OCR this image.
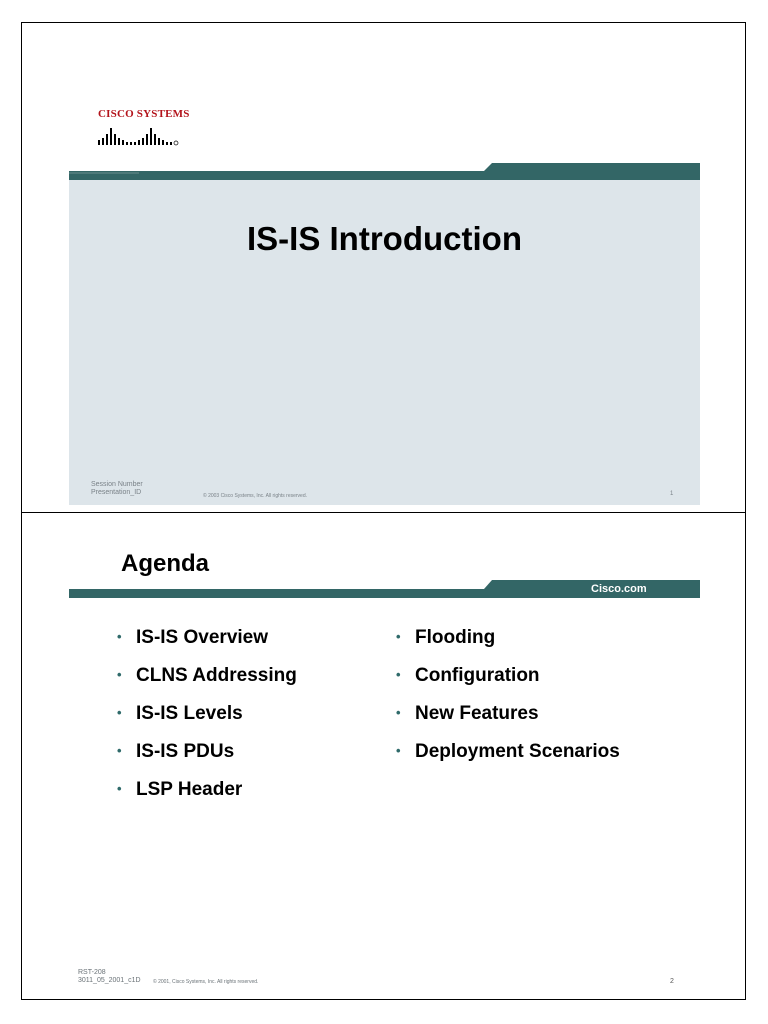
CISCO SYSTEMS
IS-IS Introduction
Session Number
Presentation_ID	© 2003 Cisco Systems, Inc. All rights reserved.	1
Agenda
Cisco.com
• IS-IS Overview
• CLNS Addressing
• IS-IS Levels
• IS-IS PDUs
• LSP Header
• Flooding
• Configuration
• New Features
• Deployment Scenarios
RST-208
3011_05_2001_c1D © 2001, Cisco Systems, Inc. All rights reserved.	2
